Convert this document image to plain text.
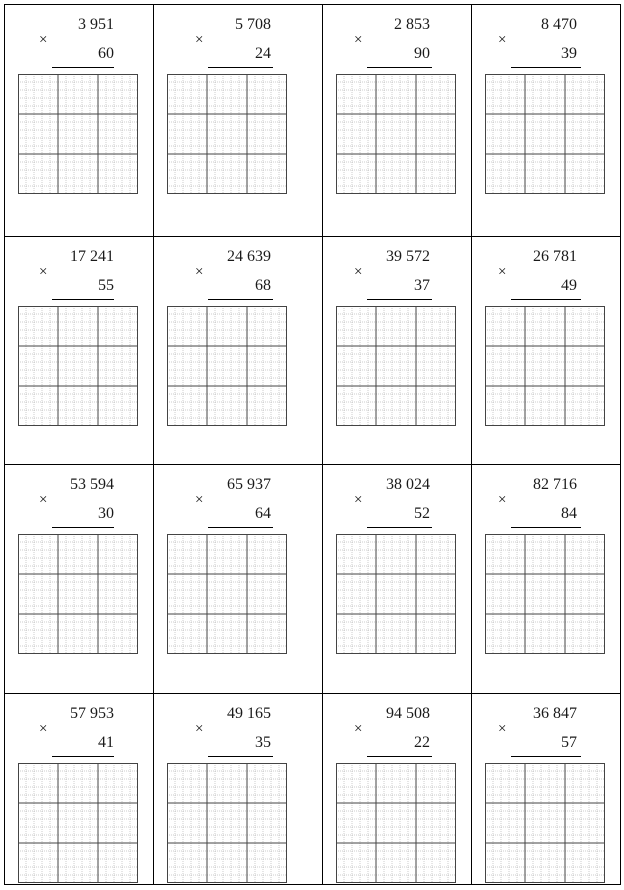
3 951
×
60
5 708
×
24
2 853
×
90
8 470
×
39
17 241
×
55
24 639
×
68
39 572
×
37
26 781
×
49
53 594
×
30
65 937
×
64
38 024
×
52
82 716
×
84
57 953
×
41
49 165
×
35
94 508
×
22
36 847
×
57
